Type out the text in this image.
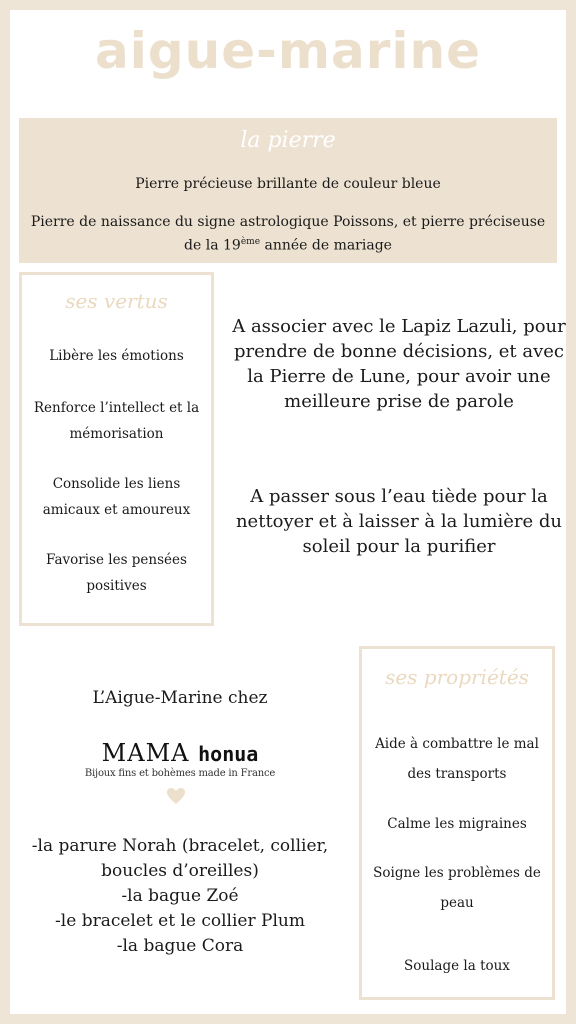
aigue-marine
la pierre
Pierre précieuse brillante de couleur bleue
Pierre de naissance du signe astrologique Poissons, et pierre préciseuse de la 19ème année de mariage
ses vertus
Libère les émotions
Renforce l’intellect et la mémorisation
Consolide les liens amicaux et amoureux
Favorise les pensées positives
A associer avec le Lapiz Lazuli, pour prendre de bonne décisions, et avec la Pierre de Lune, pour avoir une meilleure prise de parole
A passer sous l’eau tiède pour la nettoyer et à laisser à la lumière du soleil pour la purifier
L’Aigue-Marine chez
MAMA honua
Bijoux fins et bohèmes made in France
-la parure Norah (bracelet, collier, boucles d’oreilles)
-la bague Zoé
-le bracelet et le collier Plum
-la bague Cora
ses propriétés
Aide à combattre le mal des transports
Calme les migraines
Soigne les problèmes de peau
Soulage la toux
